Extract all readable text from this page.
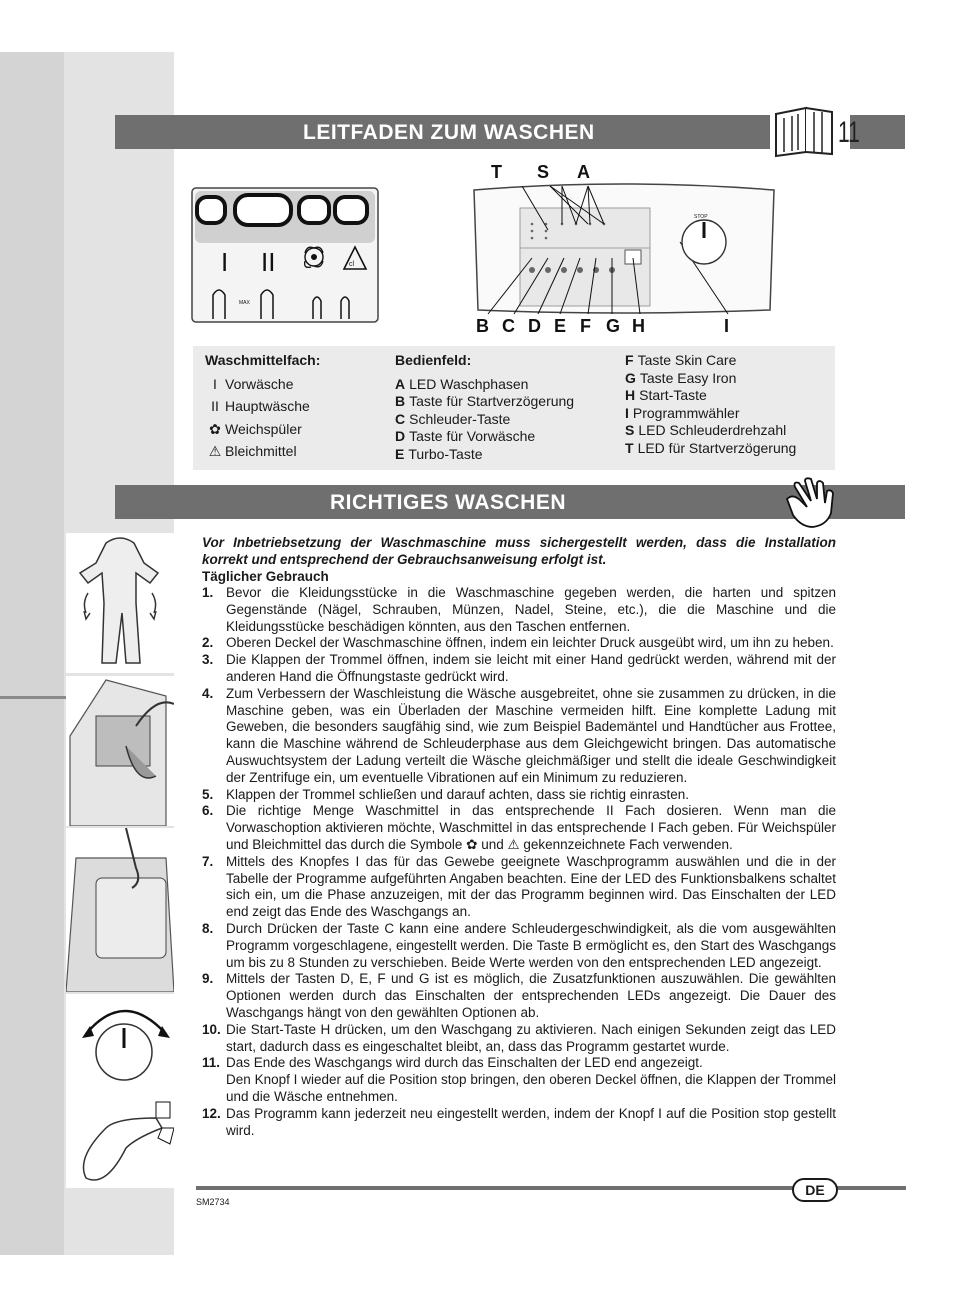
LEITFADEN ZUM WASCHEN	11
I II	cl
MAX
T S A
STOP
B C D E F G H	I
Waschmittelfach:
I Vorwäsche
II Hauptwäsche
✿ Weichspüler
⚠ Bleichmittel
Bedienfeld:
A LED Waschphasen
B Taste für Startverzögerung
C Schleuder-Taste
D Taste für Vorwäsche
E Turbo-Taste
F Taste Skin Care
G Taste Easy Iron
H Start-Taste
I Programmwähler
S LED Schleuderdrehzahl
T LED für Startverzögerung
RICHTIGES WASCHEN
Vor Inbetriebsetzung der Waschmaschine muss sichergestellt werden, dass die Installation korrekt und entsprechend der Gebrauchsanweisung erfolgt ist.
Täglicher Gebrauch
1. Bevor die Kleidungsstücke in die Waschmaschine gegeben werden, die harten und spitzen Gegenstände (Nägel, Schrauben, Münzen, Nadel, Steine, etc.), die die Maschine und die Kleidungsstücke beschädigen könnten, aus den Taschen entfernen.
2. Oberen Deckel der Waschmaschine öffnen, indem ein leichter Druck ausgeübt wird, um ihn zu heben.
3. Die Klappen der Trommel öffnen, indem sie leicht mit einer Hand gedrückt werden, während mit der anderen Hand die Öffnungstaste gedrückt wird.
4. Zum Verbessern der Waschleistung die Wäsche ausgebreitet, ohne sie zusammen zu drücken, in die Maschine geben, was ein Überladen der Maschine vermeiden hilft. Eine komplette Ladung mit Geweben, die besonders saugfähig sind, wie zum Beispiel Bademäntel und Handtücher aus Frottee, kann die Maschine während de Schleuderphase aus dem Gleichgewicht bringen. Das automatische Auswuchtsystem der Ladung verteilt die Wäsche gleichmäßiger und stellt die ideale Geschwindigkeit der Zentrifuge ein, um eventuelle Vibrationen auf ein Minimum zu reduzieren.
5. Klappen der Trommel schließen und darauf achten, dass sie richtig einrasten.
6. Die richtige Menge Waschmittel in das entsprechende II Fach dosieren. Wenn man die Vorwaschoption aktivieren möchte, Waschmittel in das entsprechende I Fach geben. Für Weichspüler und Bleichmittel das durch die Symbole ✿ und ⚠ gekennzeichnete Fach verwenden.
7. Mittels des Knopfes I das für das Gewebe geeignete Waschprogramm auswählen und die in der Tabelle der Programme aufgeführten Angaben beachten. Eine der LED des Funktionsbalkens schaltet sich ein, um die Phase anzuzeigen, mit der das Programm beginnen wird. Das Einschalten der LED end zeigt das Ende des Waschgangs an.
8. Durch Drücken der Taste C kann eine andere Schleudergeschwindigkeit, als die vom ausgewählten Programm vorgeschlagene, eingestellt werden. Die Taste B ermöglicht es, den Start des Waschgangs um bis zu 8 Stunden zu verschieben. Beide Werte werden von den entsprechenden LED angezeigt.
9. Mittels der Tasten D, E, F und G ist es möglich, die Zusatzfunktionen auszuwählen. Die gewählten Optionen werden durch das Einschalten der entsprechenden LEDs angezeigt. Die Dauer des Waschgangs hängt von den gewählten Optionen ab.
10. Die Start-Taste H drücken, um den Waschgang zu aktivieren. Nach einigen Sekunden zeigt das LED start, dadurch dass es eingeschaltet bleibt, an, dass das Programm gestartet wurde.
11. Das Ende des Waschgangs wird durch das Einschalten der LED end angezeigt.
Den Knopf I wieder auf die Position stop bringen, den oberen Deckel öffnen, die Klappen der Trommel und die Wäsche entnehmen.
12. Das Programm kann jederzeit neu eingestellt werden, indem der Knopf I auf die Position stop gestellt wird.
DE
SM2734
